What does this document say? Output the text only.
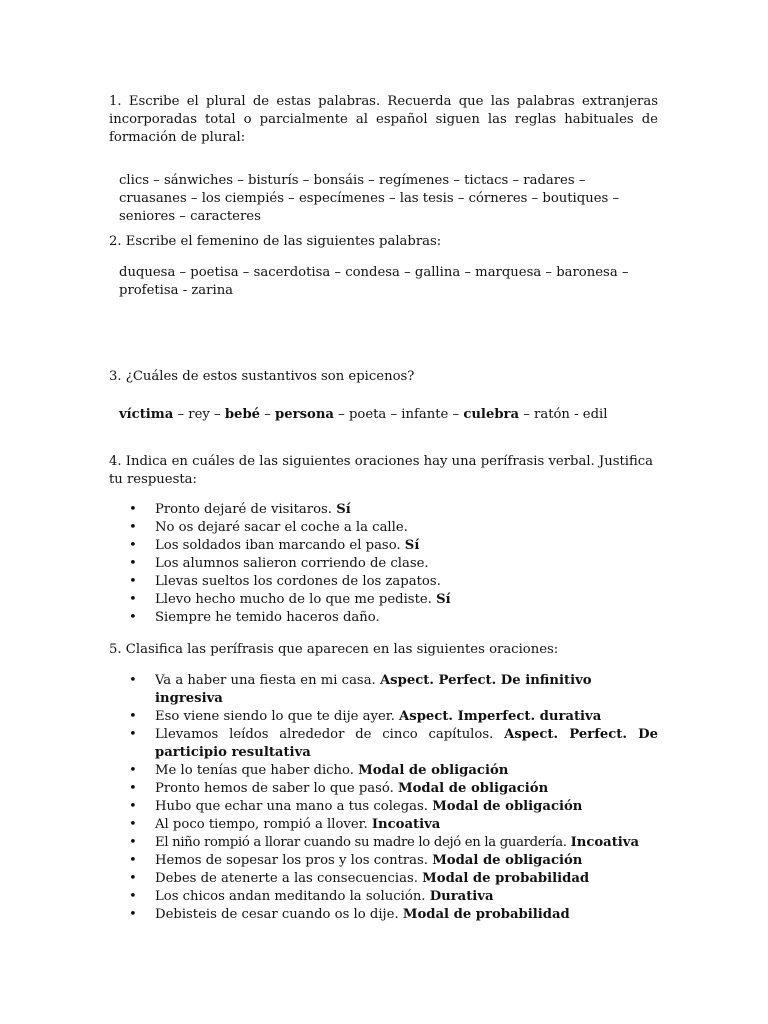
1. Escribe el plural de estas palabras. Recuerda que las palabras extranjeras incorporadas total o parcialmente al español siguen las reglas habituales de formación de plural:

clics – sánwiches – bisturís – bonsáis – regímenes – tictacs – radares – cruasanes – los ciempiés – especímenes – las tesis – córneres – boutiques – seniores – caracteres

2. Escribe el femenino de las siguientes palabras:

duquesa – poetisa – sacerdotisa – condesa – gallina – marquesa – baronesa – profetisa - zarina

3. ¿Cuáles de estos sustantivos son epicenos?

víctima – rey – bebé – persona – poeta – infante – culebra – ratón - edil

4. Indica en cuáles de las siguientes oraciones hay una perífrasis verbal. Justifica tu respuesta:

• Pronto dejaré de visitaros. Sí
• No os dejaré sacar el coche a la calle.
• Los soldados iban marcando el paso. Sí
• Los alumnos salieron corriendo de clase.
• Llevas sueltos los cordones de los zapatos.
• Llevo hecho mucho de lo que me pediste. Sí
• Siempre he temido haceros daño.

5. Clasifica las perífrasis que aparecen en las siguientes oraciones:

• Va a haber una fiesta en mi casa. Aspect. Perfect. De infinitivo ingresiva
• Eso viene siendo lo que te dije ayer. Aspect. Imperfect. durativa
• Llevamos leídos alrededor de cinco capítulos. Aspect. Perfect. De participio resultativa
• Me lo tenías que haber dicho. Modal de obligación
• Pronto hemos de saber lo que pasó. Modal de obligación
• Hubo que echar una mano a tus colegas. Modal de obligación
• Al poco tiempo, rompió a llover. Incoativa
• El niño rompió a llorar cuando su madre lo dejó en la guardería. Incoativa
• Hemos de sopesar los pros y los contras. Modal de obligación
• Debes de atenerte a las consecuencias. Modal de probabilidad
• Los chicos andan meditando la solución. Durativa
• Debisteis de cesar cuando os lo dije. Modal de probabilidad
